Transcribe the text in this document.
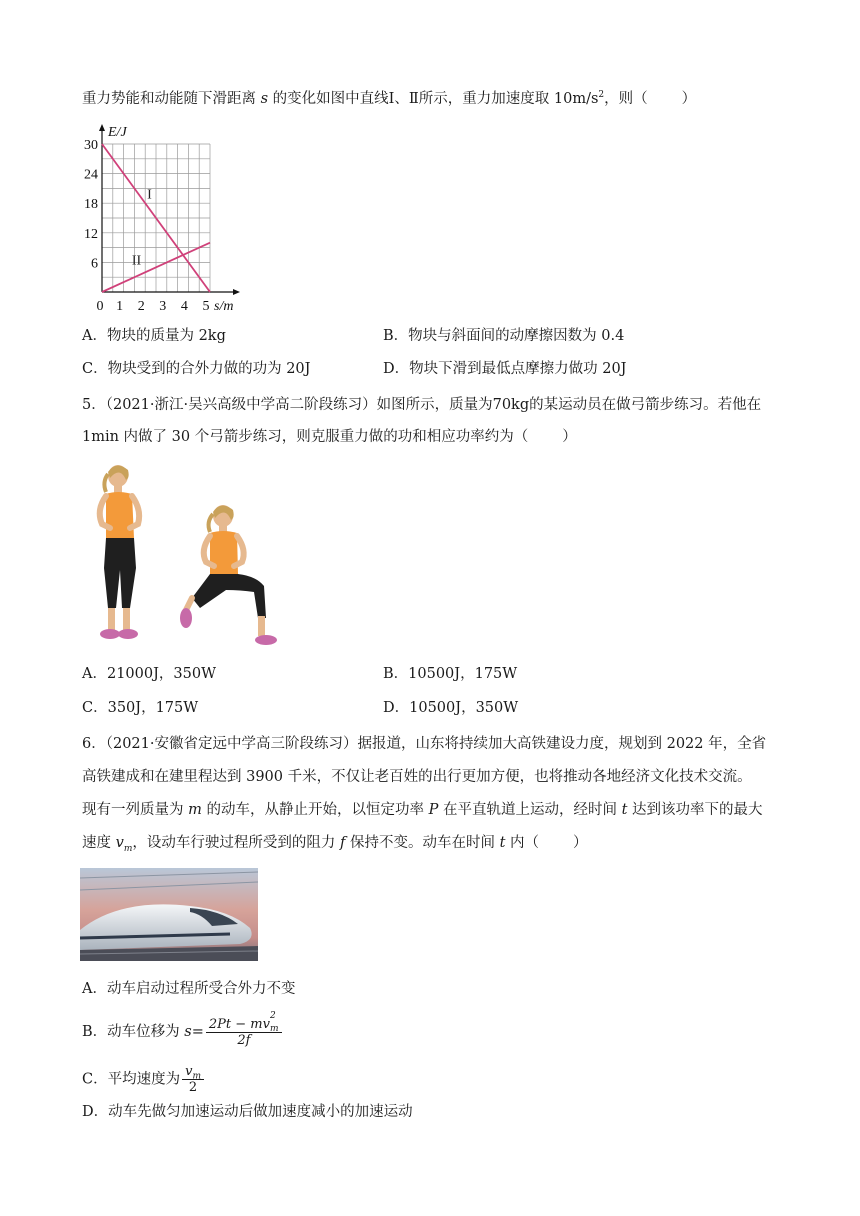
重力势能和动能随下滑距离 s 的变化如图中直线Ⅰ、Ⅱ所示，重力加速度取 $10m/s^2$，则（ ）
E/J
s/m
0 1 2 3 4 5
6
12
18
24
30
I
II
A．物块的质量为 2kg	B．物块与斜面间的动摩擦因数为 0.4
C．物块受到的合外力做的功为 20J	D．物块下滑到最低点摩擦力做功 20J
5．（2021·浙江·吴兴高级中学高二阶段练习）如图所示，质量为70kg的某运动员在做弓箭步练习。若他在
1min 内做了 30 个弓箭步练习，则克服重力做的功和相应功率约为（ ）
A．21000J，350W	B．10500J，175W
C．350J，175W	D．10500J，350W
6．（2021·安徽省定远中学高三阶段练习）据报道，山东将持续加大高铁建设力度，规划到 2022 年，全省
高铁建成和在建里程达到 3900 千米，不仅让老百姓的出行更加方便，也将推动各地经济文化技术交流。
现有一列质量为 m 的动车，从静止开始，以恒定功率 P 在平直轨道上运动，经时间 t 达到该功率下的最大
速度 $v_m$，设动车行驶过程所受到的阻力 f 保持不变。动车在时间 t 内（ ）
A．动车启动过程所受合外力不变
B．动车位移为 s= 2Pt − mv
2
m
2f
C．平均速度为 $\frac{v_m}{2}$
D．动车先做匀加速运动后做加速度减小的加速运动
